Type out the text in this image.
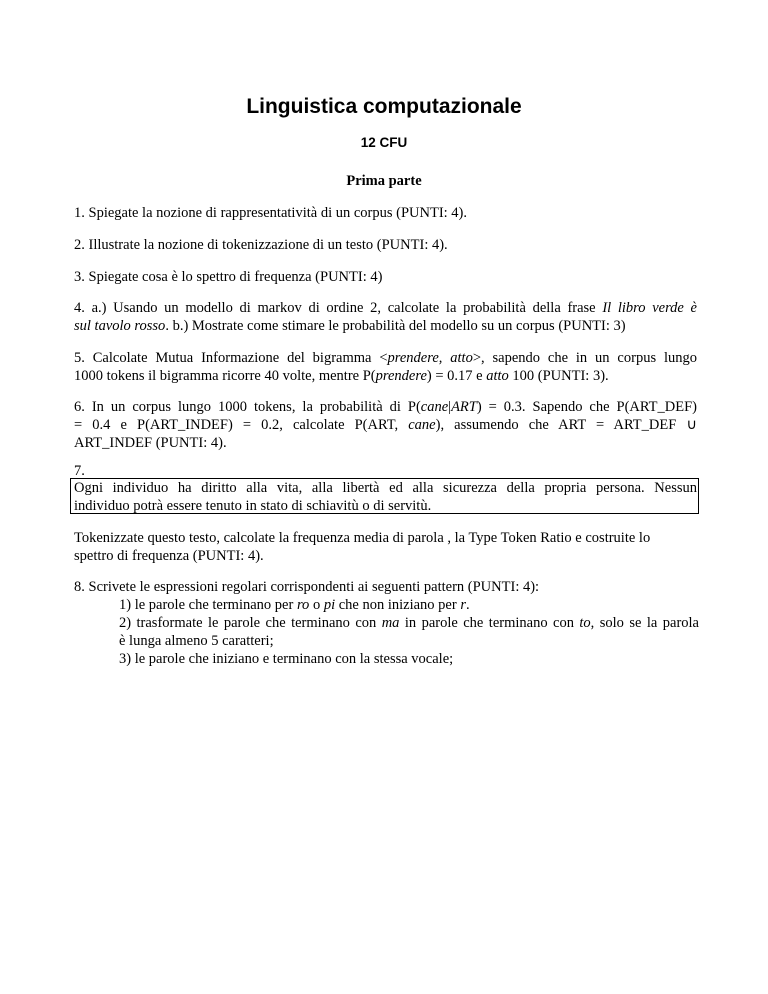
Linguistica computazionale
12 CFU
Prima parte
1. Spiegate la nozione di rappresentatività di un corpus (PUNTI: 4).
2. Illustrate la nozione di tokenizzazione di un testo (PUNTI: 4).
3. Spiegate cosa è lo spettro di frequenza (PUNTI: 4)
4. a.) Usando un modello di markov di ordine 2, calcolate la probabilità della frase Il libro verde è
sul tavolo rosso. b.) Mostrate come stimare le probabilità del modello su un corpus (PUNTI: 3)
5. Calcolate Mutua Informazione del bigramma <prendere, atto>, sapendo che in un corpus lungo
1000 tokens il bigramma ricorre 40 volte, mentre P(prendere) = 0.17 e atto 100 (PUNTI: 3).
6. In un corpus lungo 1000 tokens, la probabilità di P(cane|ART) = 0.3. Sapendo che P(ART_DEF)
= 0.4 e P(ART_INDEF) = 0.2, calcolate P(ART, cane), assumendo che ART = ART_DEF ∪
ART_INDEF (PUNTI: 4).
7.
Ogni individuo ha diritto alla vita, alla libertà ed alla sicurezza della propria persona. Nessun
individuo potrà essere tenuto in stato di schiavitù o di servitù.
Tokenizzate questo testo, calcolate la frequenza media di parola , la Type Token Ratio e costruite lo
spettro di frequenza (PUNTI: 4).
8. Scrivete le espressioni regolari corrispondenti ai seguenti pattern (PUNTI: 4):
1) le parole che terminano per ro o pi che non iniziano per r.
2) trasformate le parole che terminano con ma in parole che terminano con to, solo se la parola
è lunga almeno 5 caratteri;
3) le parole che iniziano e terminano con la stessa vocale;
